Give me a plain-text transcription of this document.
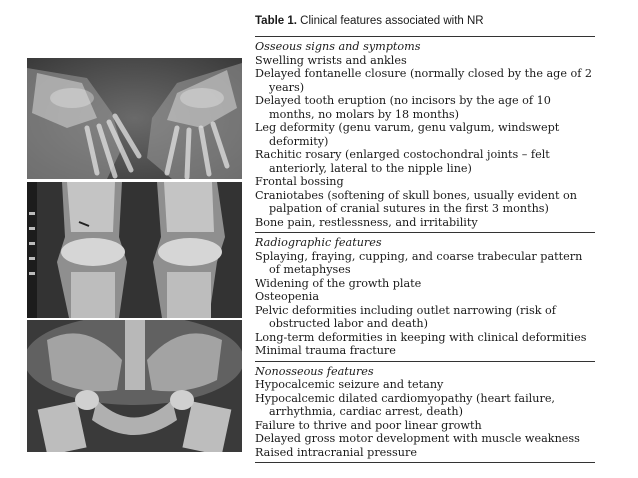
Table 1. Clinical features associated with NR
Osseous signs and symptoms
Swelling wrists and ankles
Delayed fontanelle closure (normally closed by the age of 2 years)
Delayed tooth eruption (no incisors by the age of 10 months, no molars by 18 months)
Leg deformity (genu varum, genu valgum, windswept deformity)
Rachitic rosary (enlarged costochondral joints – felt anteriorly, lateral to the nipple line)
Frontal bossing
Craniotabes (softening of skull bones, usually evident on palpation of cranial sutures in the first 3 months)
Bone pain, restlessness, and irritability
Radiographic features
Splaying, fraying, cupping, and coarse trabecular pattern of metaphyses
Widening of the growth plate
Osteopenia
Pelvic deformities including outlet narrowing (risk of obstructed labor and death)
Long-term deformities in keeping with clinical deformities
Minimal trauma fracture
Nonosseous features
Hypocalcemic seizure and tetany
Hypocalcemic dilated cardiomyopathy (heart failure, arrhythmia, cardiac arrest, death)
Failure to thrive and poor linear growth
Delayed gross motor development with muscle weakness
Raised intracranial pressure
